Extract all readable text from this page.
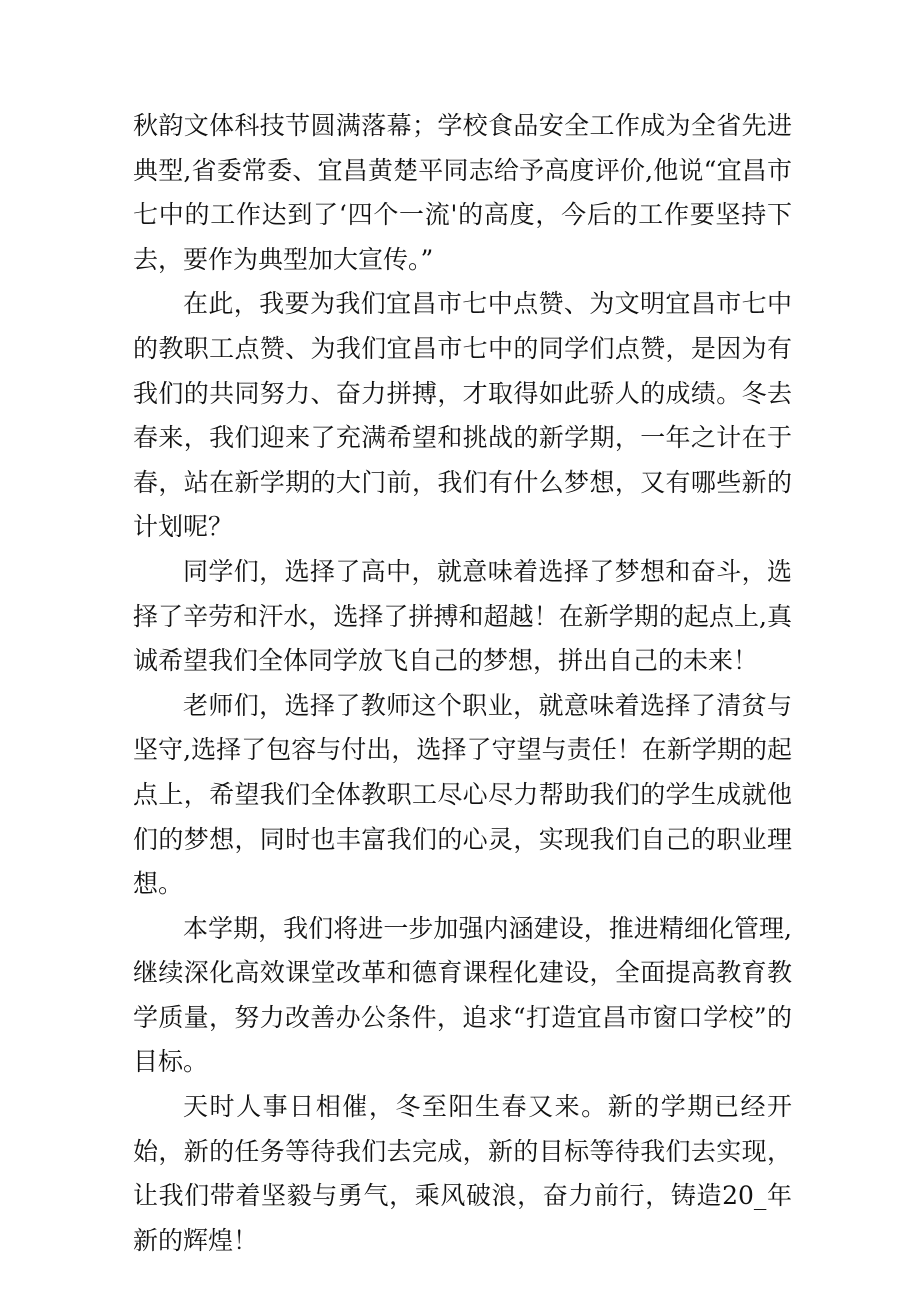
秋韵文体科技节圆满落幕；学校食品安全工作成为全省先进典型,省委常委、宜昌黄楚平同志给予高度评价,他说“宜昌市七中的工作达到了‘四个一流'的高度，今后的工作要坚持下去，要作为典型加大宣传。”

在此，我要为我们宜昌市七中点赞、为文明宜昌市七中的教职工点赞、为我们宜昌市七中的同学们点赞，是因为有我们的共同努力、奋力拼搏，才取得如此骄人的成绩。冬去春来，我们迎来了充满希望和挑战的新学期，一年之计在于春，站在新学期的大门前，我们有什么梦想，又有哪些新的计划呢？

同学们，选择了高中，就意味着选择了梦想和奋斗，选择了辛劳和汗水，选择了拼搏和超越！在新学期的起点上,真诚希望我们全体同学放飞自己的梦想，拼出自己的未来！

老师们，选择了教师这个职业，就意味着选择了清贫与坚守,选择了包容与付出，选择了守望与责任！在新学期的起点上，希望我们全体教职工尽心尽力帮助我们的学生成就他们的梦想，同时也丰富我们的心灵，实现我们自己的职业理想。

本学期，我们将进一步加强内涵建设，推进精细化管理,继续深化高效课堂改革和德育课程化建设，全面提高教育教学质量，努力改善办公条件，追求“打造宜昌市窗口学校”的目标。

天时人事日相催，冬至阳生春又来。新的学期已经开始，新的任务等待我们去完成，新的目标等待我们去实现，让我们带着坚毅与勇气，乘风破浪，奋力前行，铸造20_年新的辉煌！
